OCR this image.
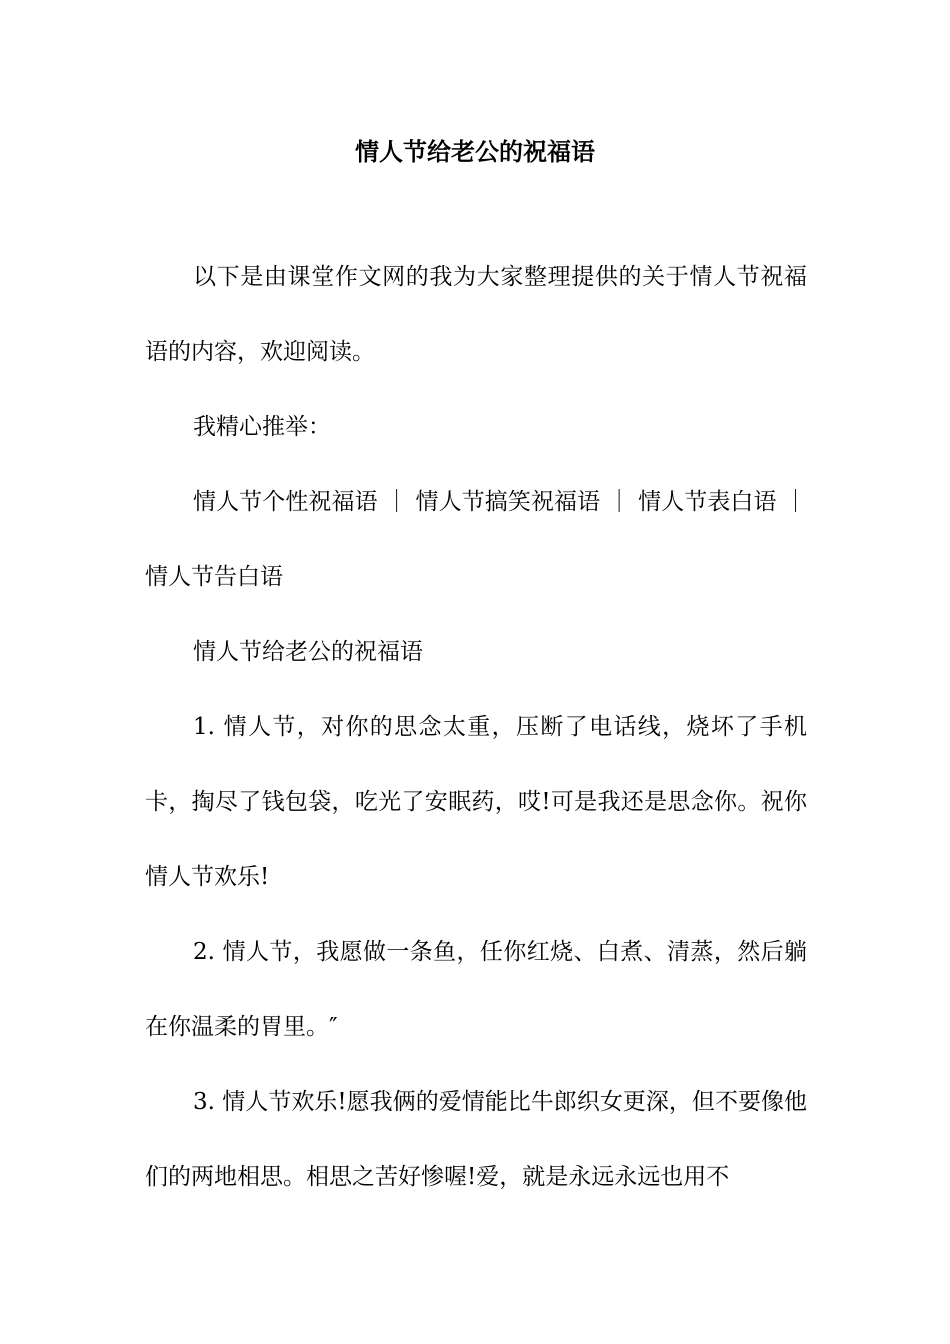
情人节给老公的祝福语

以下是由课堂作文网的我为大家整理提供的关于情人节祝福语的内容，欢迎阅读。

我精心推举：

情人节个性祝福语 ｜ 情人节搞笑祝福语 ｜ 情人节表白语 ｜ 情人节告白语

情人节给老公的祝福语

1. 情人节，对你的思念太重，压断了电话线，烧坏了手机卡，掏尽了钱包袋，吃光了安眠药，哎!可是我还是思念你。祝你情人节欢乐!

2. 情人节，我愿做一条鱼，任你红烧、白煮、清蒸，然后躺在你温柔的胃里。″

3. 情人节欢乐!愿我俩的爱情能比牛郎织女更深，但不要像他们的两地相思。相思之苦好惨喔!爱，就是永远永远也用不
